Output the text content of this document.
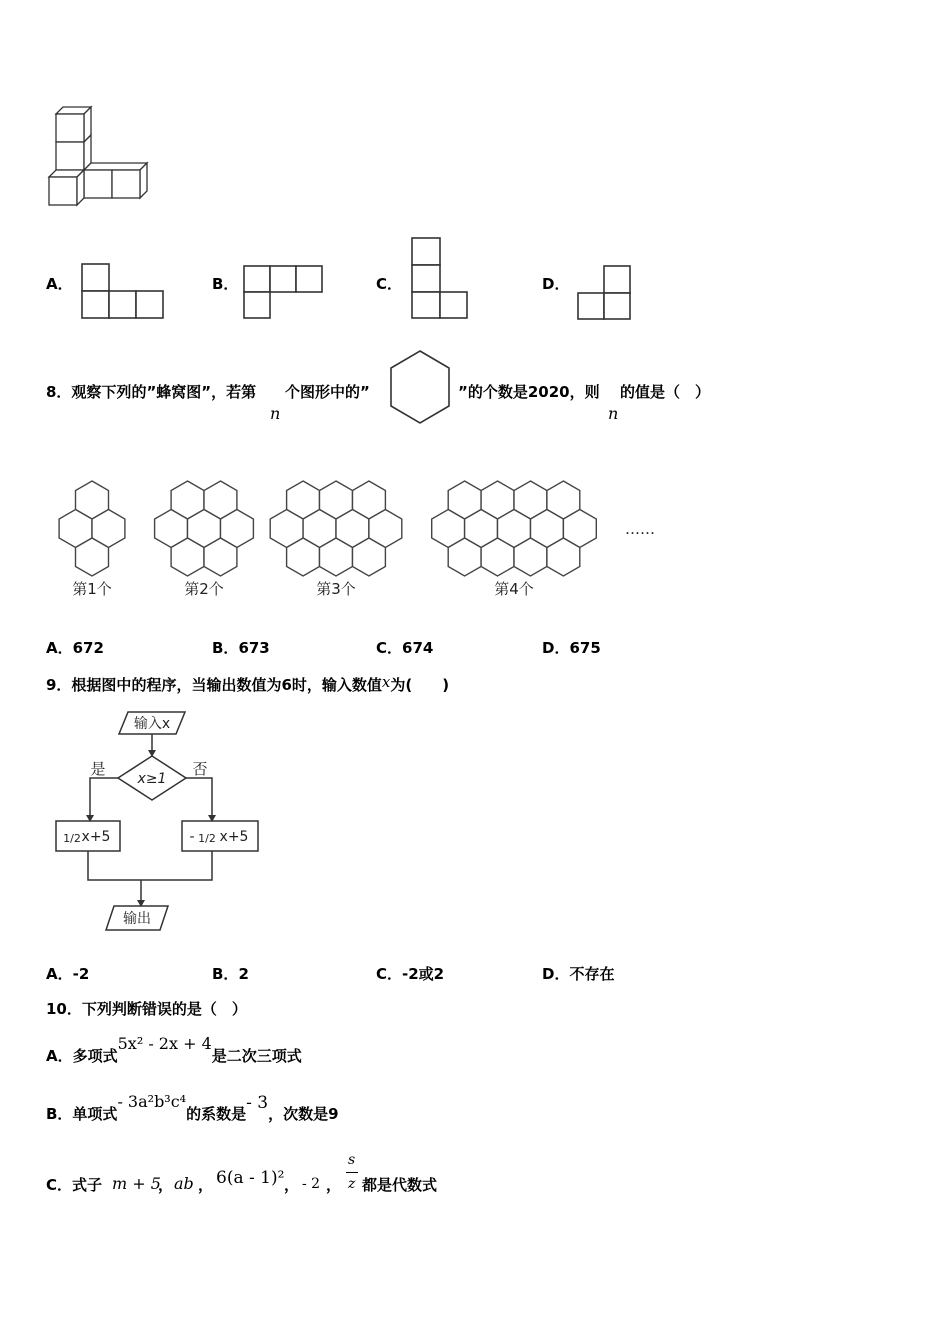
A．	B．	C．	D．
8．观察下列的”蜂窝图”，若第
n
个图形中的”	”的个数是2020，则
n
的值是（　）
第1个	第2个	第3个	第4个
……
A．672	B．673	C．674	D．675
9．根据图中的程序，当输出数值为6时，输入数值x为(　　)
输入x
x≥1
是	否
1/2 x+5	- 1/2 x+5
输出
A．-2	B．2	C．-2或2	D．不存在
10．下列判断错误的是（　）
A．多项式5x² - 2x + 4是二次三项式
B．单项式- 3a²b³c⁴的系数是- 3，次数是9
C．式子 m + 5
， ab ， 6(a - 1)² ， - 2 ，
s
z 都是代数式
